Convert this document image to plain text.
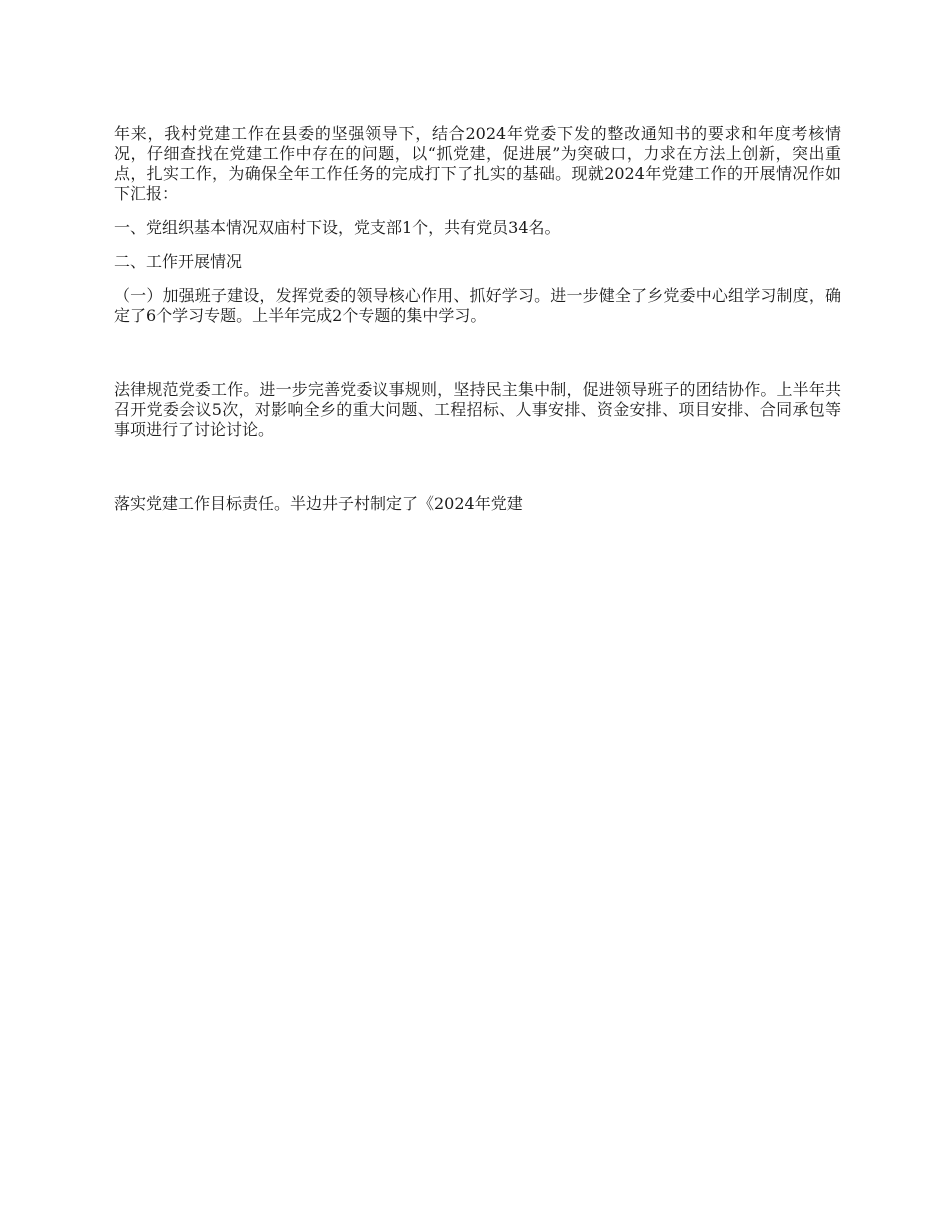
年来，我村党建工作在县委的坚强领导下，结合2024年党委下发的整改通知书的要求和年度考核情况，仔细查找在党建工作中存在的问题，以“抓党建，促进展”为突破口，力求在方法上创新，突出重点，扎实工作，为确保全年工作任务的完成打下了扎实的基础。现就2024年党建工作的开展情况作如下汇报：

一、党组织基本情况双庙村下设，党支部1个，共有党员34名。

二、工作开展情况

（一）加强班子建设，发挥党委的领导核心作用、抓好学习。进一步健全了乡党委中心组学习制度，确定了6个学习专题。上半年完成2个专题的集中学习。

法律规范党委工作。进一步完善党委议事规则，坚持民主集中制，促进领导班子的团结协作。上半年共召开党委会议5次，对影响全乡的重大问题、工程招标、人事安排、资金安排、项目安排、合同承包等事项进行了讨论讨论。

落实党建工作目标责任。半边井子村制定了《2024年党建
